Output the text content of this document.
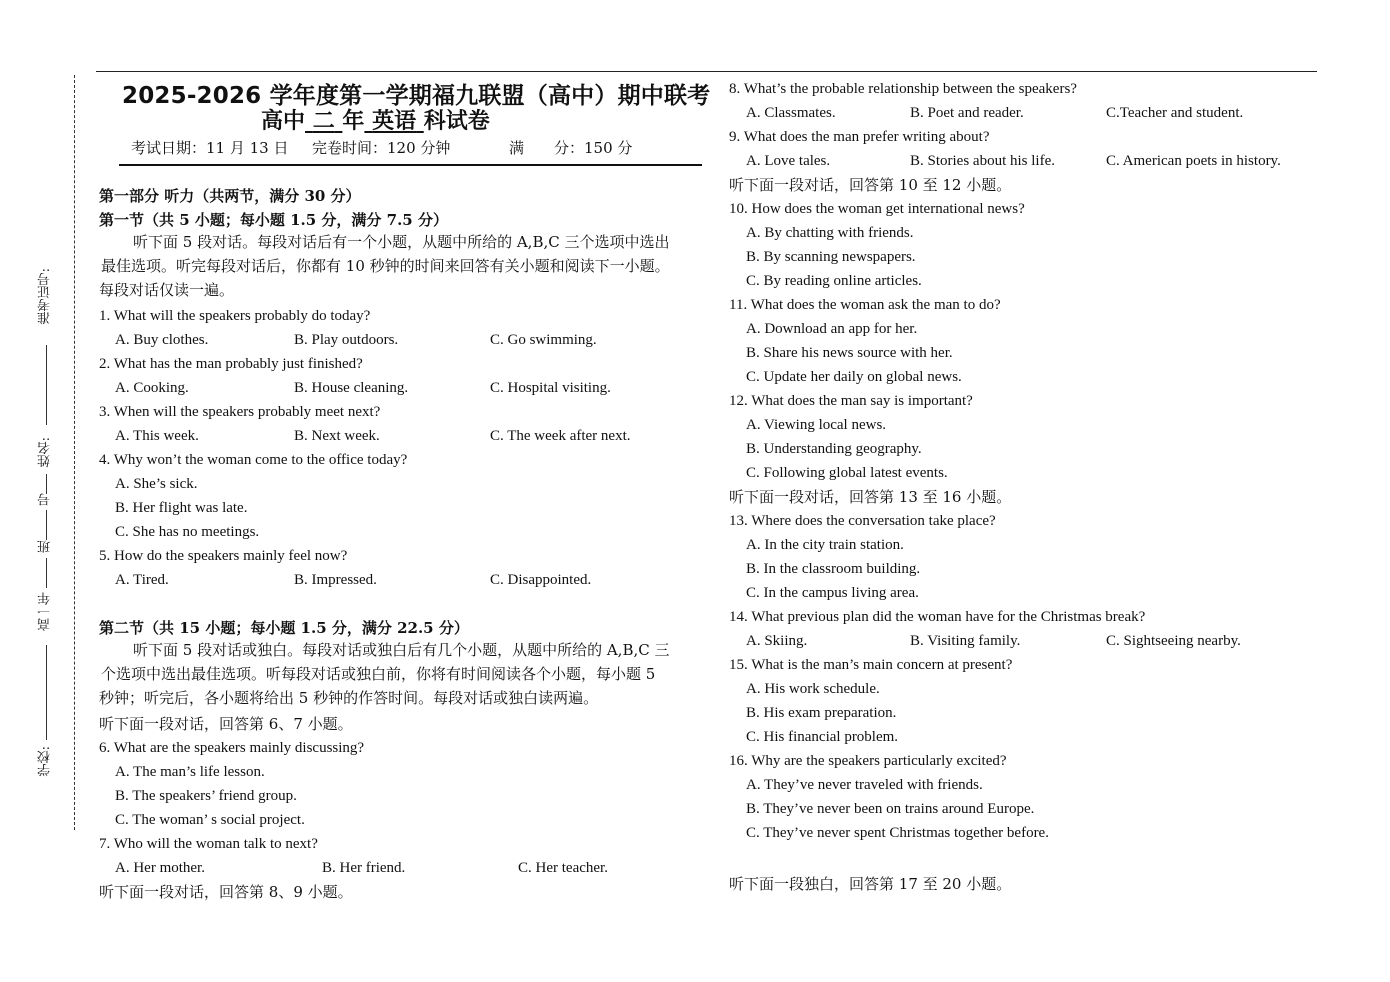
准考证号:
姓名:
号
班
高一年
学校:
2025-2026 学年度第一学期福九联盟（高中）期中联考
高中 二 年 英语 科试卷
考试日期：11 月 13 日 完卷时间：120 分钟	满　　分：150 分
第一部分 听力（共两节，满分 30 分）
第一节（共 5 小题；每小题 1.5 分，满分 7.5 分）
听下面 5 段对话。每段对话后有一个小题，从题中所给的 A,B,C 三个选项中选出
最佳选项。听完每段对话后，你都有 10 秒钟的时间来回答有关小题和阅读下一小题。
每段对话仅读一遍。
1. What will the speakers probably do today?
A. Buy clothes.	B. Play outdoors.	C. Go swimming.
2. What has the man probably just finished?
A. Cooking.	B. House cleaning.	C. Hospital visiting.
3. When will the speakers probably meet next?
A. This week.	B. Next week.	C. The week after next.
4. Why won’t the woman come to the office today?
A. She’s sick.
B. Her flight was late.
C. She has no meetings.
5. How do the speakers mainly feel now?
A. Tired.	B. Impressed.	C. Disappointed.
第二节（共 15 小题；每小题 1.5 分，满分 22.5 分）
听下面 5 段对话或独白。每段对话或独白后有几个小题，从题中所给的 A,B,C 三
个选项中选出最佳选项。听每段对话或独白前，你将有时间阅读各个小题，每小题 5
秒钟；听完后，各小题将给出 5 秒钟的作答时间。每段对话或独白读两遍。
听下面一段对话，回答第 6、7 小题。
6. What are the speakers mainly discussing?
A. The man’s life lesson.
B. The speakers’ friend group.
C. The woman’ s social project.
7. Who will the woman talk to next?
A. Her mother.	B. Her friend.	C. Her teacher.
听下面一段对话，回答第 8、9 小题。
8. What’s the probable relationship between the speakers?
A. Classmates.	B. Poet and reader.	C.Teacher and student.
9. What does the man prefer writing about?
A. Love tales.	B. Stories about his life.	C. American poets in history.
听下面一段对话，回答第 10 至 12 小题。
10. How does the woman get international news?
A. By chatting with friends.
B. By scanning newspapers.
C. By reading online articles.
11. What does the woman ask the man to do?
A. Download an app for her.
B. Share his news source with her.
C. Update her daily on global news.
12. What does the man say is important?
A. Viewing local news.
B. Understanding geography.
C. Following global latest events.
听下面一段对话，回答第 13 至 16 小题。
13. Where does the conversation take place?
A. In the city train station.
B. In the classroom building.
C. In the campus living area.
14. What previous plan did the woman have for the Christmas break?
A. Skiing.	B. Visiting family.	C. Sightseeing nearby.
15. What is the man’s main concern at present?
A. His work schedule.
B. His exam preparation.
C. His financial problem.
16. Why are the speakers particularly excited?
A. They’ve never traveled with friends.
B. They’ve never been on trains around Europe.
C. They’ve never spent Christmas together before.
听下面一段独白，回答第 17 至 20 小题。
